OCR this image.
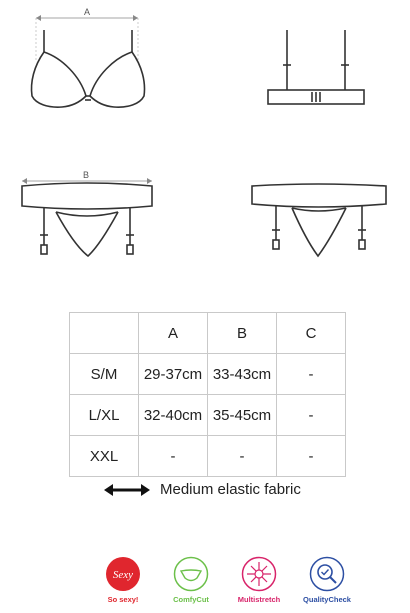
A
B
	A	B	C
S/M	29-37cm	33-43cm	-
L/XL	32-40cm	35-45cm	-
XXL	-	-	-
Medium elastic fabric
Sexy
So sexy!	ComfyCut	Multistretch	QualityCheck
